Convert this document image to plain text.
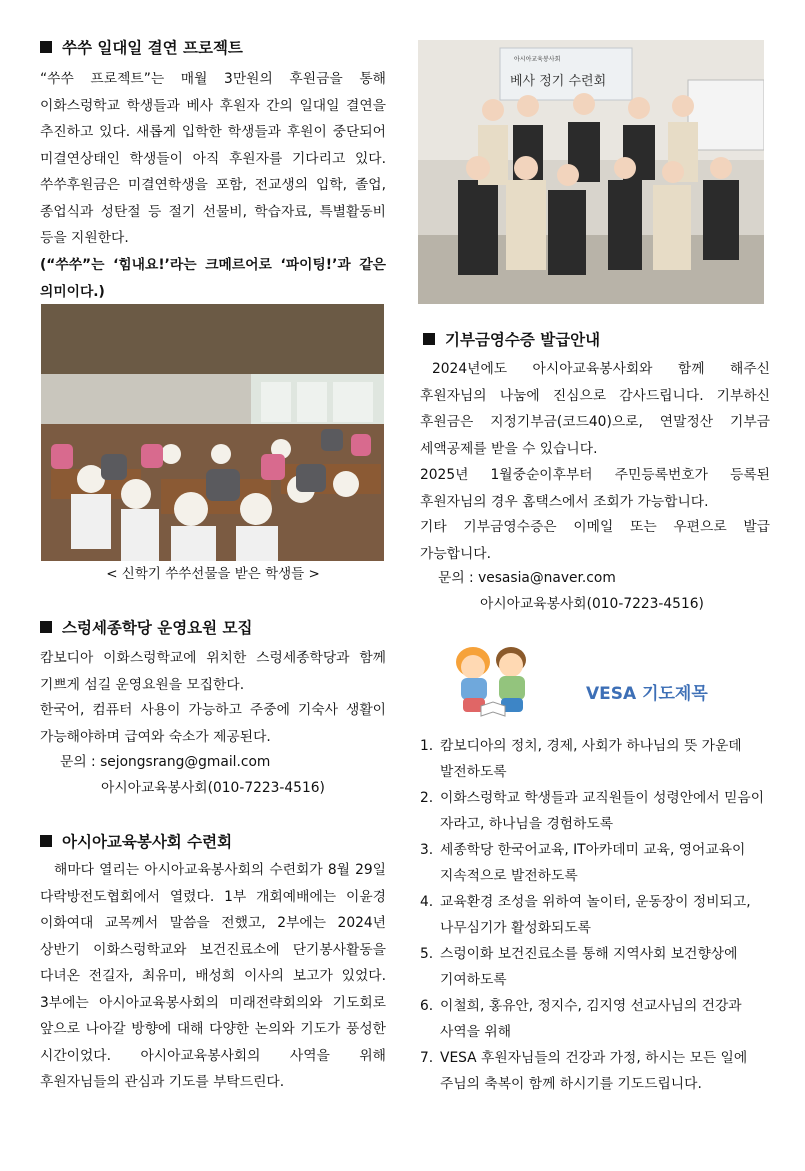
쑤쑤 일대일 결연 프로젝트
“쑤쑤 프로젝트”는 매월 3만원의 후원금을 통해 이화스렁학교 학생들과 베사 후원자 간의 일대일 결연을 추진하고 있다. 새롭게 입학한 학생들과 후원이 중단되어 미결연상태인 학생들이 아직 후원자를 기다리고 있다. 쑤쑤후원금은 미결연학생을 포함, 전교생의 입학, 졸업, 종업식과 성탄절 등 절기 선물비, 학습자료, 특별활동비 등을 지원한다.
(“쑤쑤”는 ‘힘내요!’라는 크메르어로 ‘파이팅!’과 같은 의미이다.)
< 신학기 쑤쑤선물을 받은 학생들 >
스렁세종학당 운영요원 모집
캄보디아 이화스렁학교에 위치한 스렁세종학당과 함께 기쁘게 섬길 운영요원을 모집한다.
한국어, 컴퓨터 사용이 가능하고 주중에 기숙사 생활이 가능해야하며 급여와 숙소가 제공된다.
문의 : sejongsrang@gmail.com
아시아교육봉사회(010-7223-4516)
아시아교육봉사회 수련회
해마다 열리는 아시아교육봉사회의 수련회가 8월 29일 다락방전도협회에서 열렸다. 1부 개회예배에는 이윤경 이화여대 교목께서 말씀을 전했고, 2부에는 2024년 상반기 이화스렁학교와 보건진료소에 단기봉사활동을 다녀온 전길자, 최유미, 배성희 이사의 보고가 있었다. 3부에는 아시아교육봉사회의 미래전략회의와 기도회로 앞으로 나아갈 방향에 대해 다양한 논의와 기도가 풍성한 시간이었다. 아시아교육봉사회의 사역을 위해 후원자님들의 관심과 기도를 부탁드린다.
아시아교육봉사회
베사 정기 수련회
기부금영수증 발급안내
2024년에도 아시아교육봉사회와 함께 해주신 후원자님의 나눔에 진심으로 감사드립니다. 기부하신 후원금은 지정기부금(코드40)으로, 연말정산 기부금 세액공제를 받을 수 있습니다.
2025년 1월중순이후부터 주민등록번호가 등록된 후원자님의 경우 홈택스에서 조회가 가능합니다.
기타 기부금영수증은 이메일 또는 우편으로 발급 가능합니다.
문의 : vesasia@naver.com
아시아교육봉사회(010-7223-4516)
VESA 기도제목
1. 캄보디아의 정치, 경제, 사회가 하나님의 뜻 가운데 발전하도록
2. 이화스렁학교 학생들과 교직원들이 성령안에서 믿음이 자라고, 하나님을 경험하도록
3. 세종학당 한국어교육, IT아카데미 교육, 영어교육이 지속적으로 발전하도록
4. 교육환경 조성을 위하여 놀이터, 운동장이 정비되고, 나무심기가 활성화되도록
5. 스렁이화 보건진료소를 통해 지역사회 보건향상에 기여하도록
6. 이철희, 홍유안, 정지수, 김지영 선교사님의 건강과 사역을 위해
7. VESA 후원자님들의 건강과 가정, 하시는 모든 일에 주님의 축복이 함께 하시기를 기도드립니다.
